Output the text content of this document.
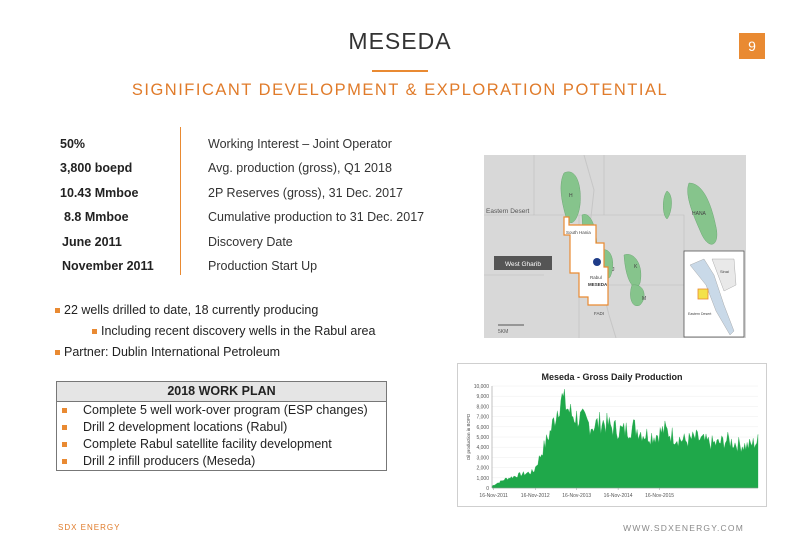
MESEDA
SIGNIFICANT DEVELOPMENT & EXPLORATION POTENTIAL
9
50%	Working Interest – Joint Operator
3,800 boepd	Avg. production (gross), Q1 2018
10.43 Mmboe	2P Reserves (gross), 31 Dec. 2017
8.8 Mmboe	Cumulative production to 31 Dec. 2017
June 2011	Discovery Date
November 2011	Production Start Up
22 wells drilled to date, 18 currently producing
Including recent discovery wells in the Rabul area
Partner: Dublin International Petroleum
2018 WORK PLAN
Complete 5 well work-over program (ESP changes)
Drill 2 development locations (Rabul)
Complete Rabul satellite facility development
Drill 2 infill producers (Meseda)
West Gharib
Eastern Desert
South Hania
MESEDA
Rabul
HANA
H
K
M
J
FADI
5KM
Sinai
Eastern Desert
Meseda - Gross Daily Production
10,000
9,000
8,000
7,000
6,000
5,000
4,000
3,000
2,000
1,000
0
Oil production in BOPD
16-Nov-2011	16-Nov-2012	16-Nov-2013	16-Nov-2014	16-Nov-2015
SDX ENERGY	WWW.SDXENERGY.COM
